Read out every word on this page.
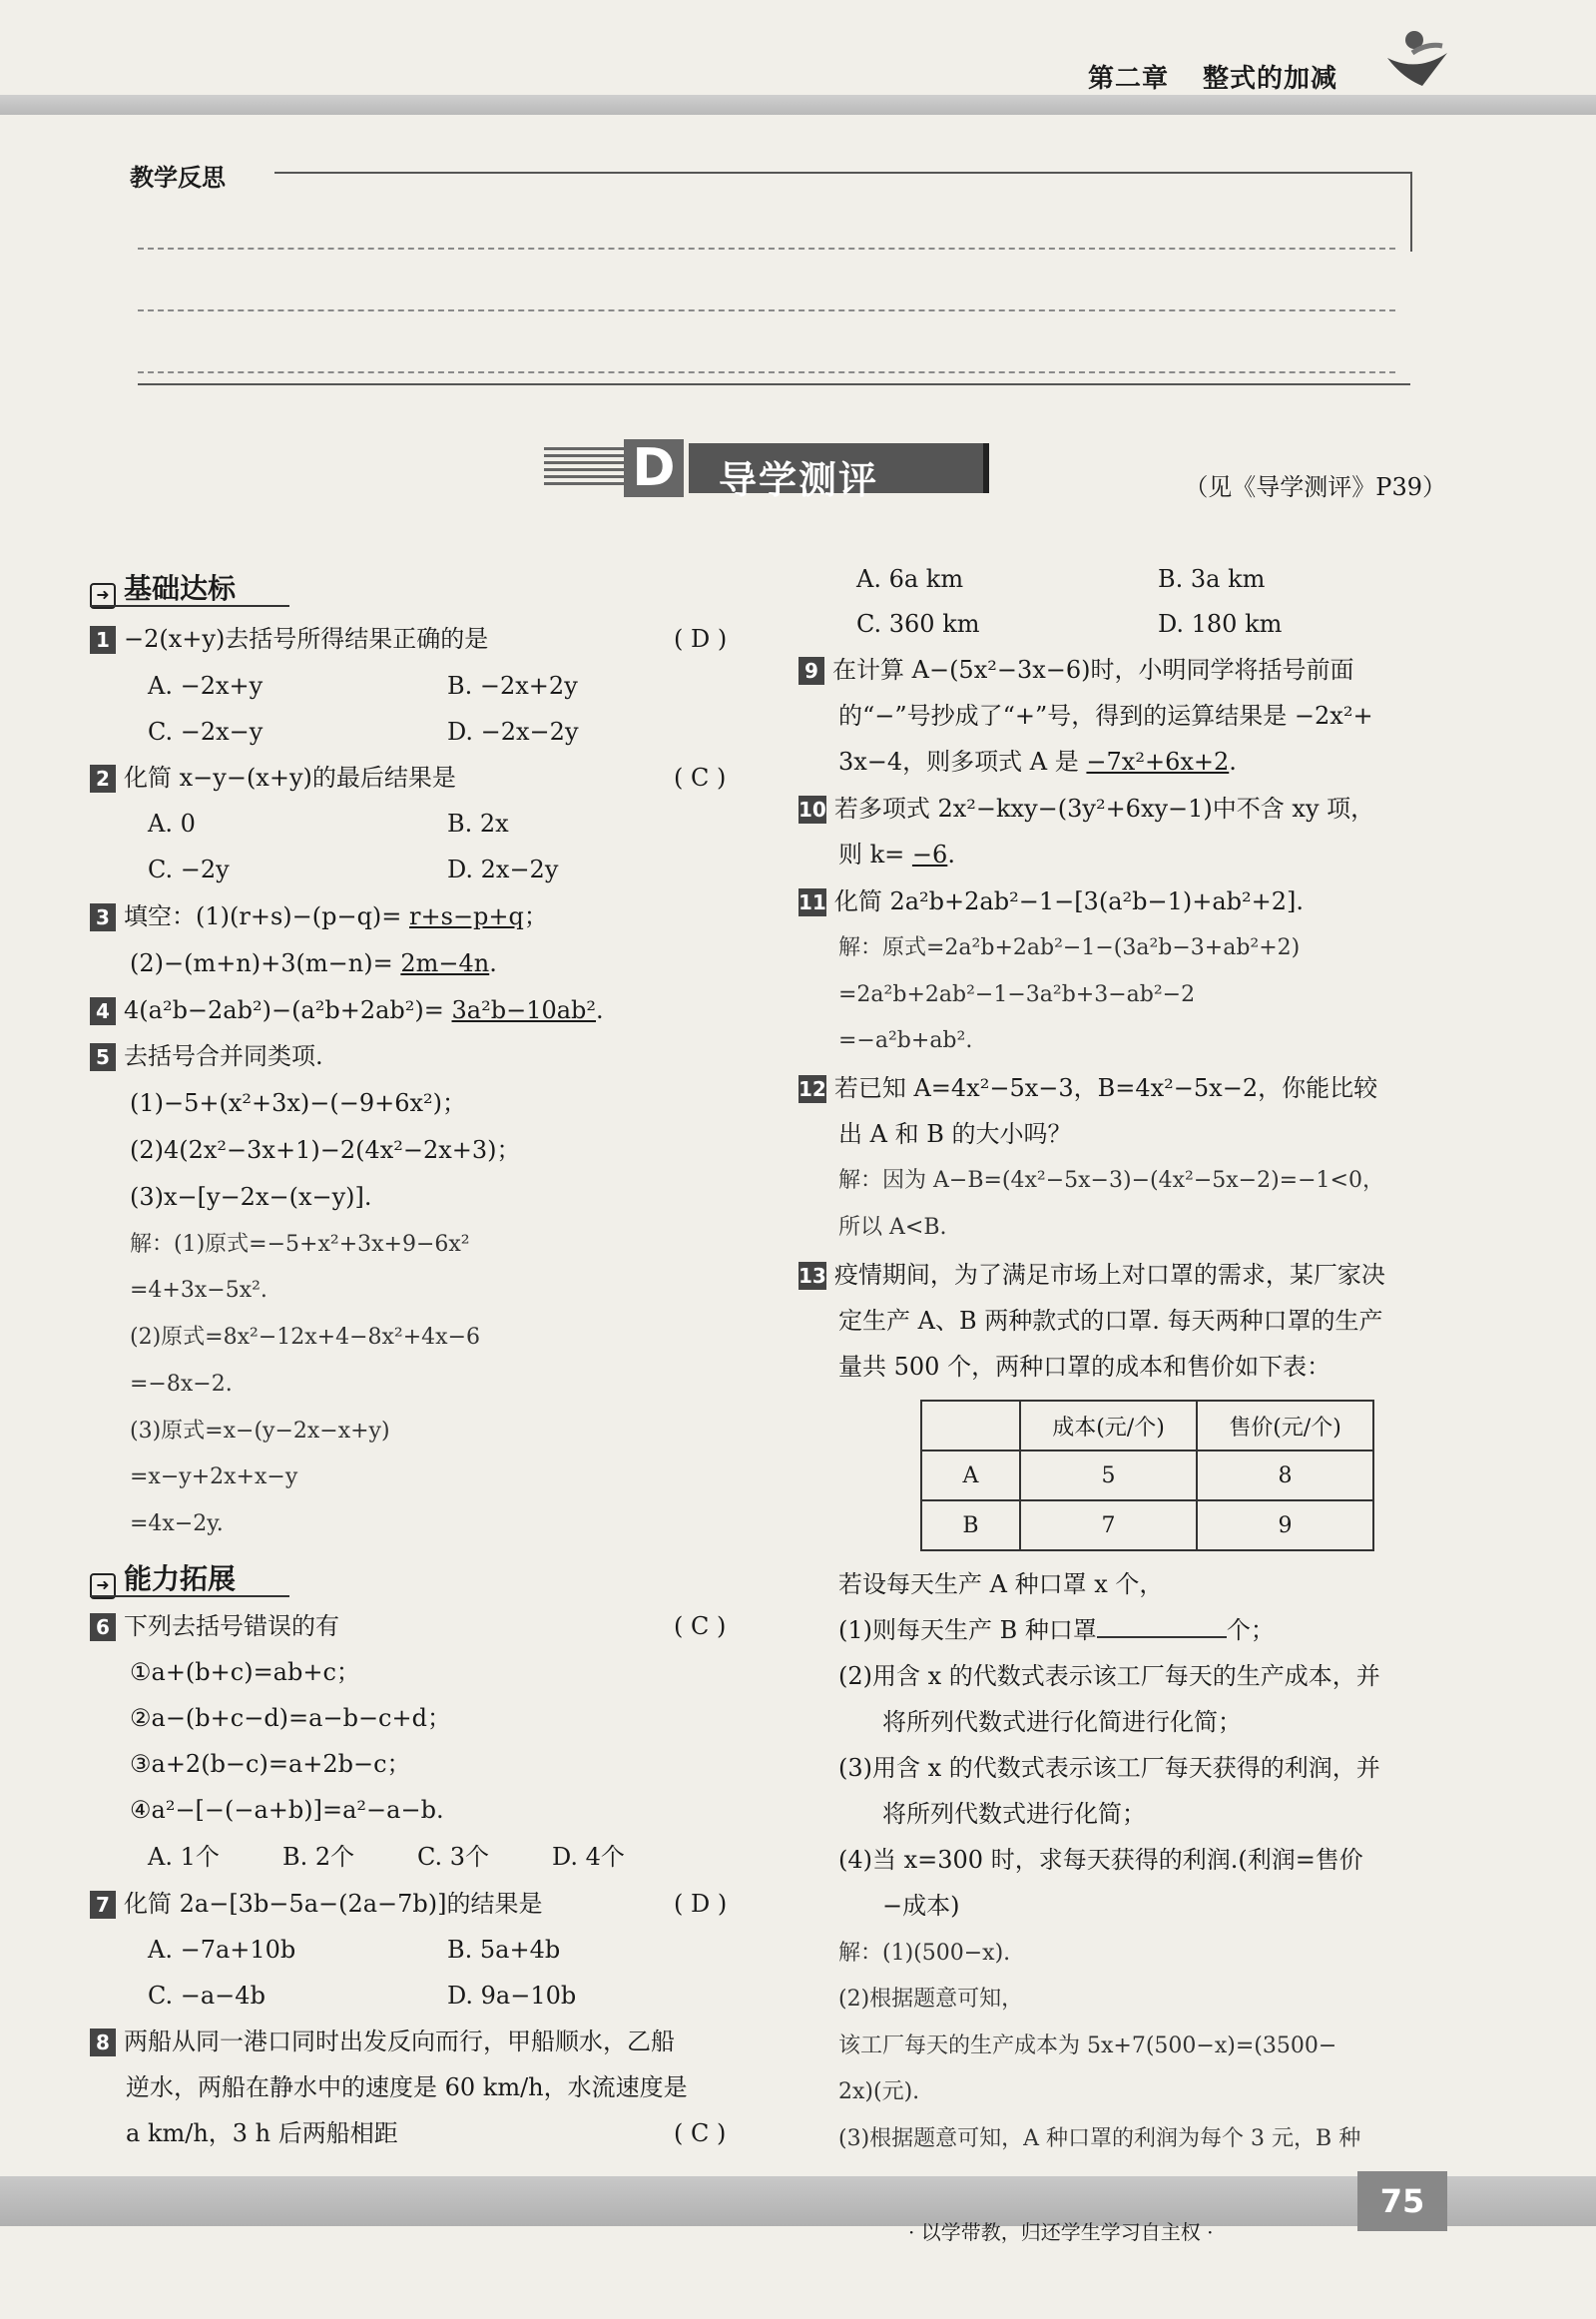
第二章 整式的加减
教学反思
D 导学测评	（见《导学测评》P39）
➜ 基础达标
1 −2(x+y)去括号所得结果正确的是	( D )
A. −2x+y	B. −2x+2y
C. −2x−y	D. −2x−2y
2 化简 x−y−(x+y)的最后结果是	( C )
A. 0	B. 2x
C. −2y	D. 2x−2y
3 填空：(1)(r+s)−(p−q)= r+s−p+q；
(2)−(m+n)+3(m−n)= 2m−4n.
4 4(a²b−2ab²)−(a²b+2ab²)= 3a²b−10ab².
5 去括号合并同类项.
(1)−5+(x²+3x)−(−9+6x²)；
(2)4(2x²−3x+1)−2(4x²−2x+3)；
(3)x−[y−2x−(x−y)].
解：(1)原式=−5+x²+3x+9−6x²
=4+3x−5x².
(2)原式=8x²−12x+4−8x²+4x−6
=−8x−2.
(3)原式=x−(y−2x−x+y)
=x−y+2x+x−y
=4x−2y.
➜ 能力拓展
6 下列去括号错误的有	( C )
①a+(b+c)=ab+c；
②a−(b+c−d)=a−b−c+d；
③a+2(b−c)=a+2b−c；
④a²−[−(−a+b)]=a²−a−b.
A. 1个	B. 2个	C. 3个	D. 4个
7 化简 2a−[3b−5a−(2a−7b)]的结果是	( D )
A. −7a+10b	B. 5a+4b
C. −a−4b	D. 9a−10b
8 两船从同一港口同时出发反向而行，甲船顺水，乙船
逆水，两船在静水中的速度是 60 km/h，水流速度是
a km/h，3 h 后两船相距	( C )
A. 6a km	B. 3a km
C. 360 km	D. 180 km
9 在计算 A−(5x²−3x−6)时，小明同学将括号前面
的“−”号抄成了“+”号，得到的运算结果是 −2x²+
3x−4，则多项式 A 是 −7x²+6x+2.
10 若多项式 2x²−kxy−(3y²+6xy−1)中不含 xy 项，
则 k= −6.
11 化简 2a²b+2ab²−1−[3(a²b−1)+ab²+2].
解：原式=2a²b+2ab²−1−(3a²b−3+ab²+2)
=2a²b+2ab²−1−3a²b+3−ab²−2
=−a²b+ab².
12 若已知 A=4x²−5x−3，B=4x²−5x−2，你能比较
出 A 和 B 的大小吗？
解：因为 A−B=(4x²−5x−3)−(4x²−5x−2)=−1<0，
所以 A<B.
13 疫情期间，为了满足市场上对口罩的需求，某厂家决
定生产 A、B 两种款式的口罩. 每天两种口罩的生产
量共 500 个，两种口罩的成本和售价如下表：
	成本(元/个)	售价(元/个)
A	5	8
B	7	9
若设每天生产 A 种口罩 x 个，
(1)则每天生产 B 种口罩	个；
(2)用含 x 的代数式表示该工厂每天的生产成本，并
将所列代数式进行化简进行化简；
(3)用含 x 的代数式表示该工厂每天获得的利润，并
将所列代数式进行化简；
(4)当 x=300 时，求每天获得的利润.(利润=售价
−成本)
解：(1)(500−x).
(2)根据题意可知，
该工厂每天的生产成本为 5x+7(500−x)=(3500−
2x)(元).
(3)根据题意可知，A 种口罩的利润为每个 3 元，B 种
75
· 以学带教，归还学生学习自主权 ·
